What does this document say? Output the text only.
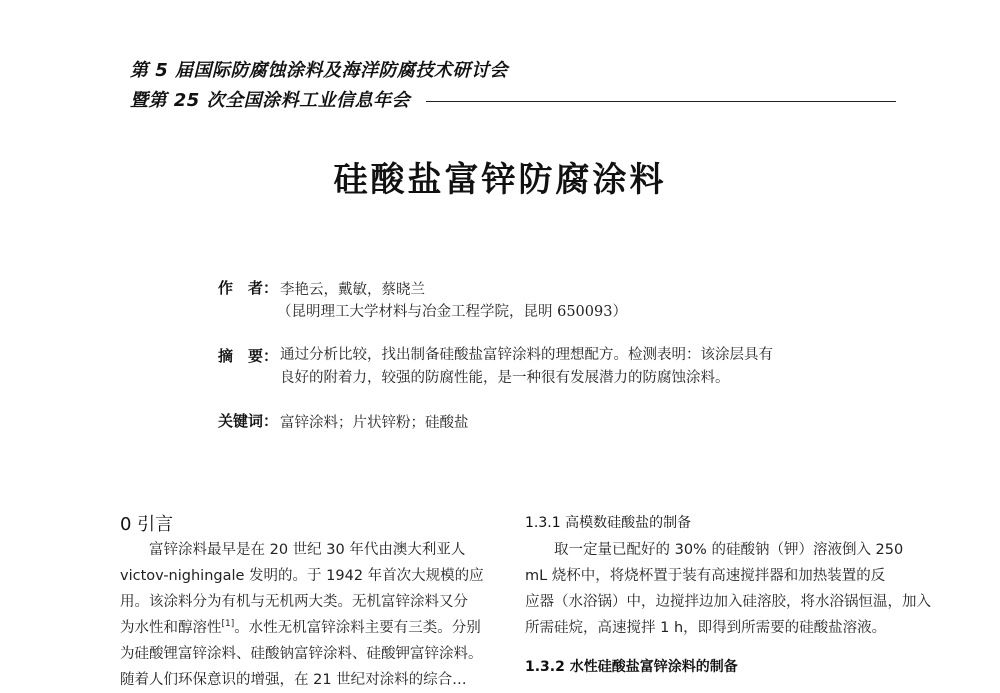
第 5 届国际防腐蚀涂料及海洋防腐技术研讨会
暨第 25 次全国涂料工业信息年会
硅酸盐富锌防腐涂料
作　者： 李艳云，戴敏，蔡晓兰
（昆明理工大学材料与冶金工程学院，昆明 650093）
摘　要： 通过分析比较，找出制备硅酸盐富锌涂料的理想配方。检测表明：该涂层具有
良好的附着力，较强的防腐性能，是一种很有发展潜力的防腐蚀涂料。
关键词： 富锌涂料；片状锌粉；硅酸盐
0 引言
　　富锌涂料最早是在 20 世纪 30 年代由澳大利亚人
victov-nighingale 发明的。于 1942 年首次大规模的应
用。该涂料分为有机与无机两大类。无机富锌涂料又分
为水性和醇溶性[1]。水性无机富锌涂料主要有三类。分别
为硅酸锂富锌涂料、硅酸钠富锌涂料、硅酸钾富锌涂料。
随着人们环保意识的增强，在 21 世纪对涂料的综合…
1.3.1 高模数硅酸盐的制备
　　取一定量已配好的 30% 的硅酸钠（钾）溶液倒入 250
mL 烧杯中，将烧杯置于装有高速搅拌器和加热装置的反
应器（水浴锅）中，边搅拌边加入硅溶胶，将水浴锅恒温，加入
所需硅烷，高速搅拌 1 h，即得到所需要的硅酸盐溶液。
1.3.2 水性硅酸盐富锌涂料的制备
